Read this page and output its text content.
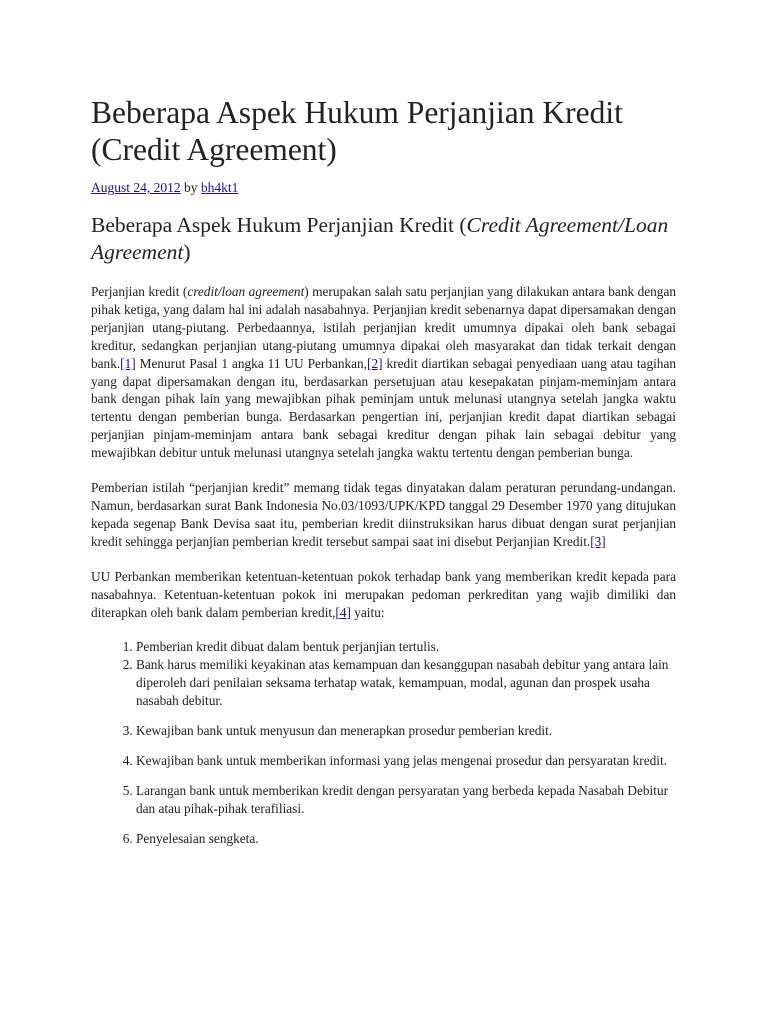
Beberapa Aspek Hukum Perjanjian Kredit (Credit Agreement)
August 24, 2012 by bh4kt1
Beberapa Aspek Hukum Perjanjian Kredit (Credit Agreement/Loan Agreement)

Perjanjian kredit (credit/loan agreement) merupakan salah satu perjanjian yang dilakukan antara bank dengan pihak ketiga, yang dalam hal ini adalah nasabahnya. Perjanjian kredit sebenarnya dapat dipersamakan dengan perjanjian utang-piutang. Perbedaannya, istilah perjanjian kredit umumnya dipakai oleh bank sebagai kreditur, sedangkan perjanjian utang-piutang umumnya dipakai oleh masyarakat dan tidak terkait dengan bank.[1] Menurut Pasal 1 angka 11 UU Perbankan,[2] kredit diartikan sebagai penyediaan uang atau tagihan yang dapat dipersamakan dengan itu, berdasarkan persetujuan atau kesepakatan pinjam-meminjam antara bank dengan pihak lain yang mewajibkan pihak peminjam untuk melunasi utangnya setelah jangka waktu tertentu dengan pemberian bunga. Berdasarkan pengertian ini, perjanjian kredit dapat diartikan sebagai perjanjian pinjam-meminjam antara bank sebagai kreditur dengan pihak lain sebagai debitur yang mewajibkan debitur untuk melunasi utangnya setelah jangka waktu tertentu dengan pemberian bunga.

Pemberian istilah “perjanjian kredit” memang tidak tegas dinyatakan dalam peraturan perundang-undangan. Namun, berdasarkan surat Bank Indonesia No.03/1093/UPK/KPD tanggal 29 Desember 1970 yang ditujukan kepada segenap Bank Devisa saat itu, pemberian kredit diinstruksikan harus dibuat dengan surat perjanjian kredit sehingga perjanjian pemberian kredit tersebut sampai saat ini disebut Perjanjian Kredit.[3]

UU Perbankan memberikan ketentuan-ketentuan pokok terhadap bank yang memberikan kredit kepada para nasabahnya. Ketentuan-ketentuan pokok ini merupakan pedoman perkreditan yang wajib dimiliki dan diterapkan oleh bank dalam pemberian kredit,[4] yaitu:

1. Pemberian kredit dibuat dalam bentuk perjanjian tertulis.
2. Bank harus memiliki keyakinan atas kemampuan dan kesanggupan nasabah debitur yang antara lain diperoleh dari penilaian seksama terhatap watak, kemampuan, modal, agunan dan prospek usaha nasabah debitur.
3. Kewajiban bank untuk menyusun dan menerapkan prosedur pemberian kredit.
4. Kewajiban bank untuk memberikan informasi yang jelas mengenai prosedur dan persyaratan kredit.
5. Larangan bank untuk memberikan kredit dengan persyaratan yang berbeda kepada Nasabah Debitur dan atau pihak-pihak terafiliasi.
6. Penyelesaian sengketa.
